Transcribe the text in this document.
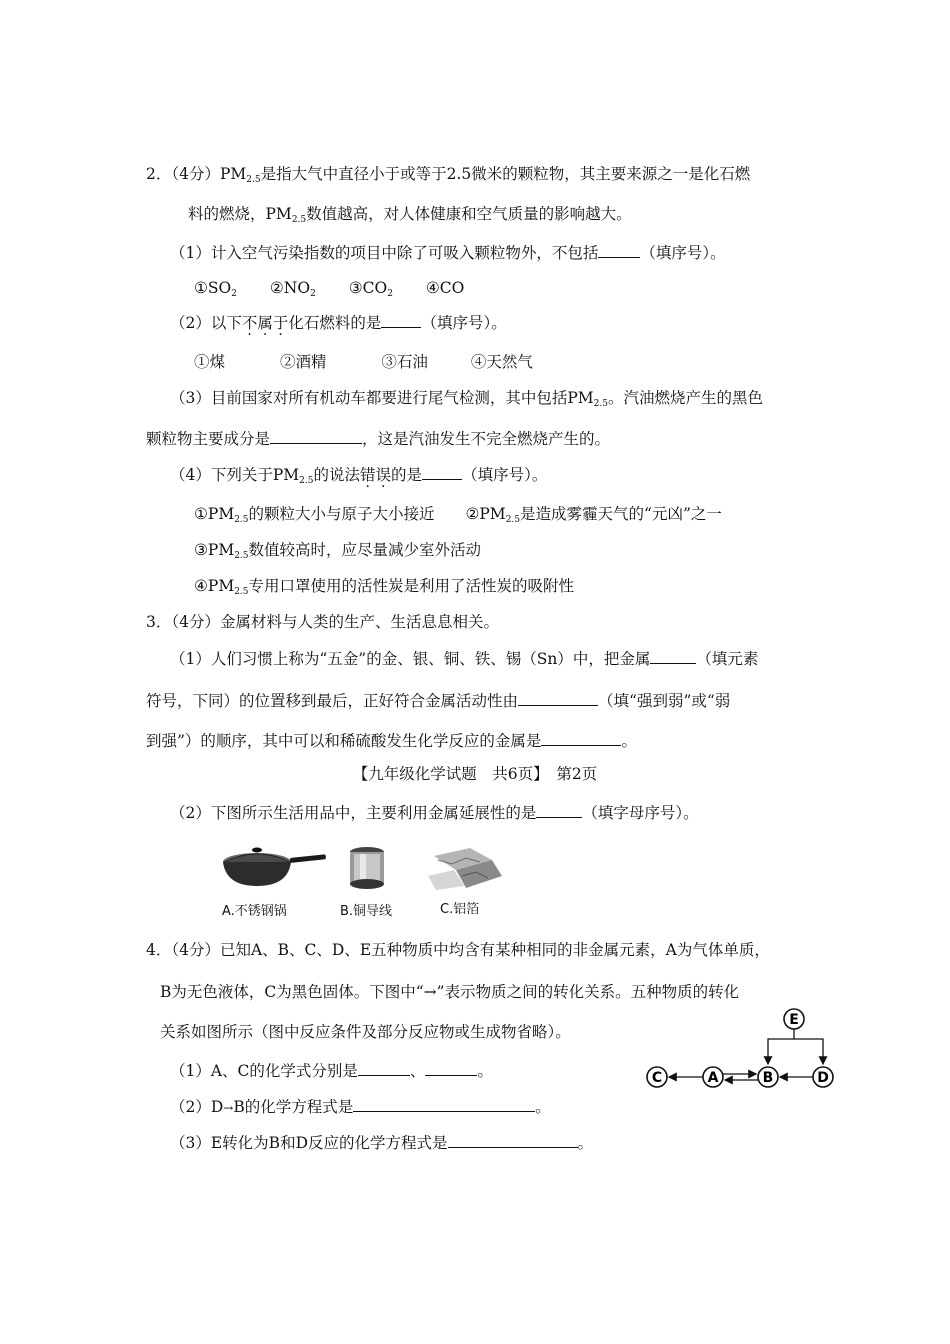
2．（4分）$PM_{2.5}$是指大气中直径小于或等于2.5微米的颗粒物，其主要来源之一是化石燃
料的燃烧，$PM_{2.5}$数值越高，对人体健康和空气质量的影响越大。
（1）计入空气污染指数的项目中除了可吸入颗粒物外，不包括	（填序号）。
$①SO_2$ $②NO_2$ $③CO_2$ ④CO
（2）以下不属于化石燃料的是	（填序号）。
①煤	②酒精	③石油	④天然气
（3）目前国家对所有机动车都要进行尾气检测，其中包括$PM_{2.5}$。汽油燃烧产生的黑色
颗粒物主要成分是	，这是汽油发生不完全燃烧产生的。
（4）下列关于$PM_{2.5}$的说法错误的是	（填序号）。
$①PM_{2.5}$的颗粒大小与原子大小接近 $②PM_{2.5}$是造成雾霾天气的“元凶”之一
$③PM_{2.5}$数值较高时，应尽量减少室外活动
$④PM_{2.5}$专用口罩使用的活性炭是利用了活性炭的吸附性
3．（4分）金属材料与人类的生产、生活息息相关。
（1）人们习惯上称为“五金”的金、银、铜、铁、锡（Sn）中，把金属	（填元素
符号，下同）的位置移到最后，正好符合金属活动性由	（填“强到弱”或“弱
到强”）的顺序，其中可以和稀硫酸发生化学反应的金属是	。
【九年级化学试题　共6页】　第2页
（2）下图所示生活用品中，主要利用金属延展性的是	（填字母序号）。
A.不锈钢锅	B.铜导线	C.铝箔
4．（4分）已知A、B、C、D、E五种物质中均含有某种相同的非金属元素，A为气体单质，
B为无色液体，C为黑色固体。下图中“→”表示物质之间的转化关系。五种物质的转化
关系如图所示（图中反应条件及部分反应物或生成物省略）。
（1）A、C的化学式分别是	、	。
（2）D→B的化学方程式是	。
（3）E转化为B和D反应的化学方程式是	。
E
C	A	B	D
